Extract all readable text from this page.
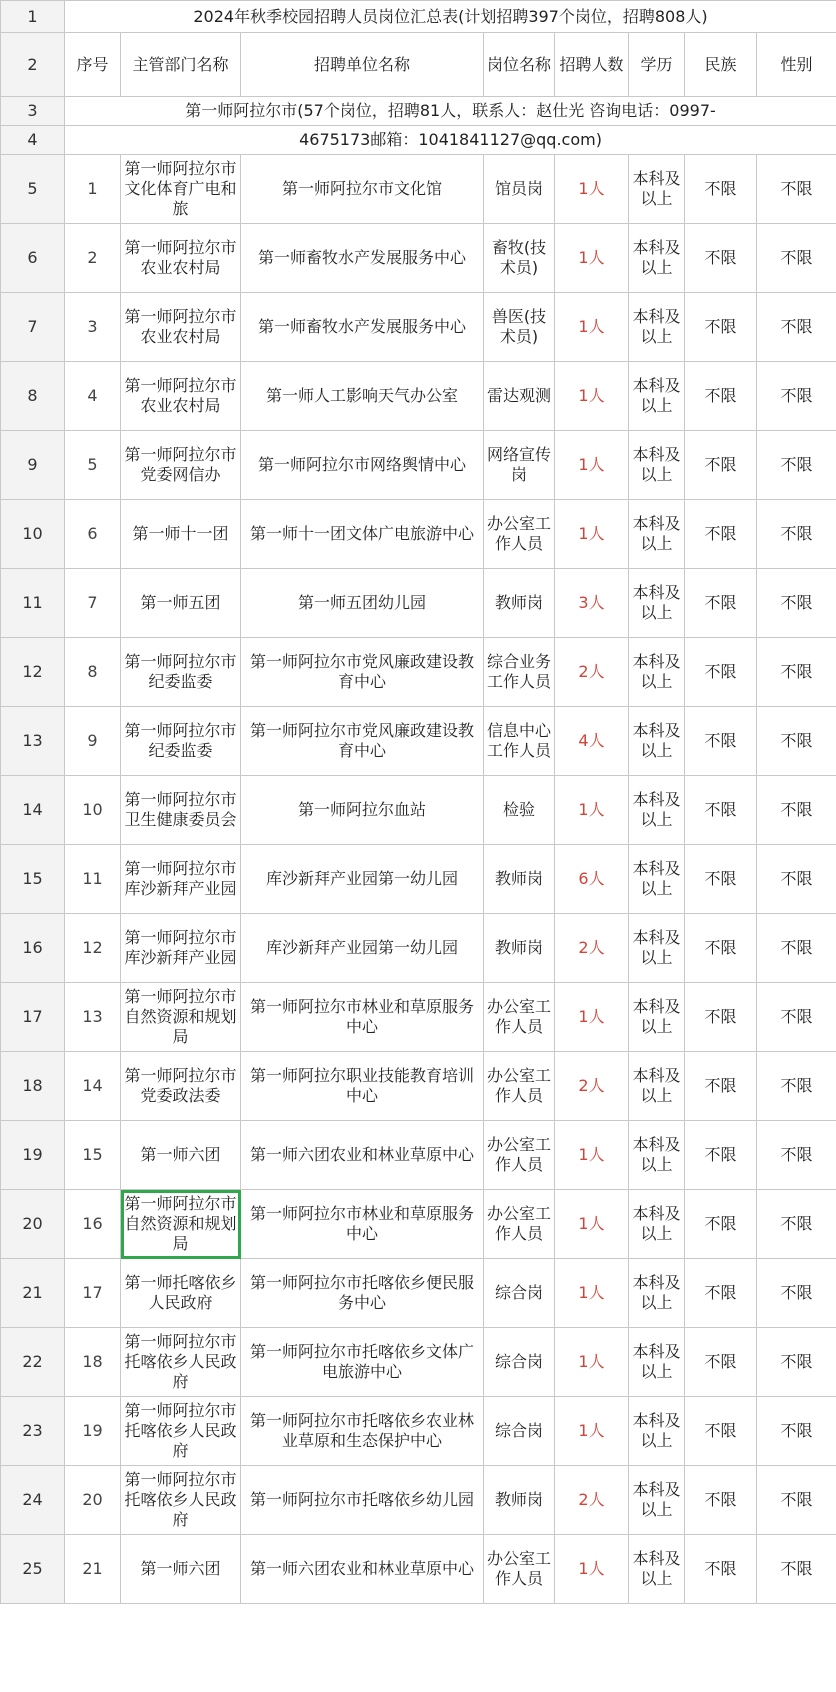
1	2024年秋季校园招聘人员岗位汇总表(计划招聘397个岗位，招聘808人)							
2	序号	主管部门名称	招聘单位名称	岗位名称	招聘人数	学历	民族	性别
3	第一师阿拉尔市(57个岗位，招聘81人，联系人：赵仕光 咨询电话：0997-							
4	4675173邮箱：1041841127@qq.com)							
5	1	第一师阿拉尔市文化体育广电和旅	第一师阿拉尔市文化馆	馆员岗	1人	本科及以上	不限	不限
6	2	第一师阿拉尔市农业农村局	第一师畜牧水产发展服务中心	畜牧(技术员)	1人	本科及以上	不限	不限
7	3	第一师阿拉尔市农业农村局	第一师畜牧水产发展服务中心	兽医(技术员)	1人	本科及以上	不限	不限
8	4	第一师阿拉尔市农业农村局	第一师人工影响天气办公室	雷达观测	1人	本科及以上	不限	不限
9	5	第一师阿拉尔市党委网信办	第一师阿拉尔市网络舆情中心	网络宣传岗	1人	本科及以上	不限	不限
10	6	第一师十一团	第一师十一团文体广电旅游中心	办公室工作人员	1人	本科及以上	不限	不限
11	7	第一师五团	第一师五团幼儿园	教师岗	3人	本科及以上	不限	不限
12	8	第一师阿拉尔市纪委监委	第一师阿拉尔市党风廉政建设教育中心	综合业务工作人员	2人	本科及以上	不限	不限
13	9	第一师阿拉尔市纪委监委	第一师阿拉尔市党风廉政建设教育中心	信息中心工作人员	4人	本科及以上	不限	不限
14	10	第一师阿拉尔市卫生健康委员会	第一师阿拉尔血站	检验	1人	本科及以上	不限	不限
15	11	第一师阿拉尔市库沙新拜产业园	库沙新拜产业园第一幼儿园	教师岗	6人	本科及以上	不限	不限
16	12	第一师阿拉尔市库沙新拜产业园	库沙新拜产业园第一幼儿园	教师岗	2人	本科及以上	不限	不限
17	13	第一师阿拉尔市自然资源和规划局	第一师阿拉尔市林业和草原服务中心	办公室工作人员	1人	本科及以上	不限	不限
18	14	第一师阿拉尔市党委政法委	第一师阿拉尔职业技能教育培训中心	办公室工作人员	2人	本科及以上	不限	不限
19	15	第一师六团	第一师六团农业和林业草原中心	办公室工作人员	1人	本科及以上	不限	不限
20	16	第一师阿拉尔市自然资源和规划局	第一师阿拉尔市林业和草原服务中心	办公室工作人员	1人	本科及以上	不限	不限
21	17	第一师托喀依乡人民政府	第一师阿拉尔市托喀依乡便民服务中心	综合岗	1人	本科及以上	不限	不限
22	18	第一师阿拉尔市托喀依乡人民政府	第一师阿拉尔市托喀依乡文体广电旅游中心	综合岗	1人	本科及以上	不限	不限
23	19	第一师阿拉尔市托喀依乡人民政府	第一师阿拉尔市托喀依乡农业林业草原和生态保护中心	综合岗	1人	本科及以上	不限	不限
24	20	第一师阿拉尔市托喀依乡人民政府	第一师阿拉尔市托喀依乡幼儿园	教师岗	2人	本科及以上	不限	不限
25	21	第一师六团	第一师六团农业和林业草原中心	办公室工作人员	1人	本科及以上	不限	不限
